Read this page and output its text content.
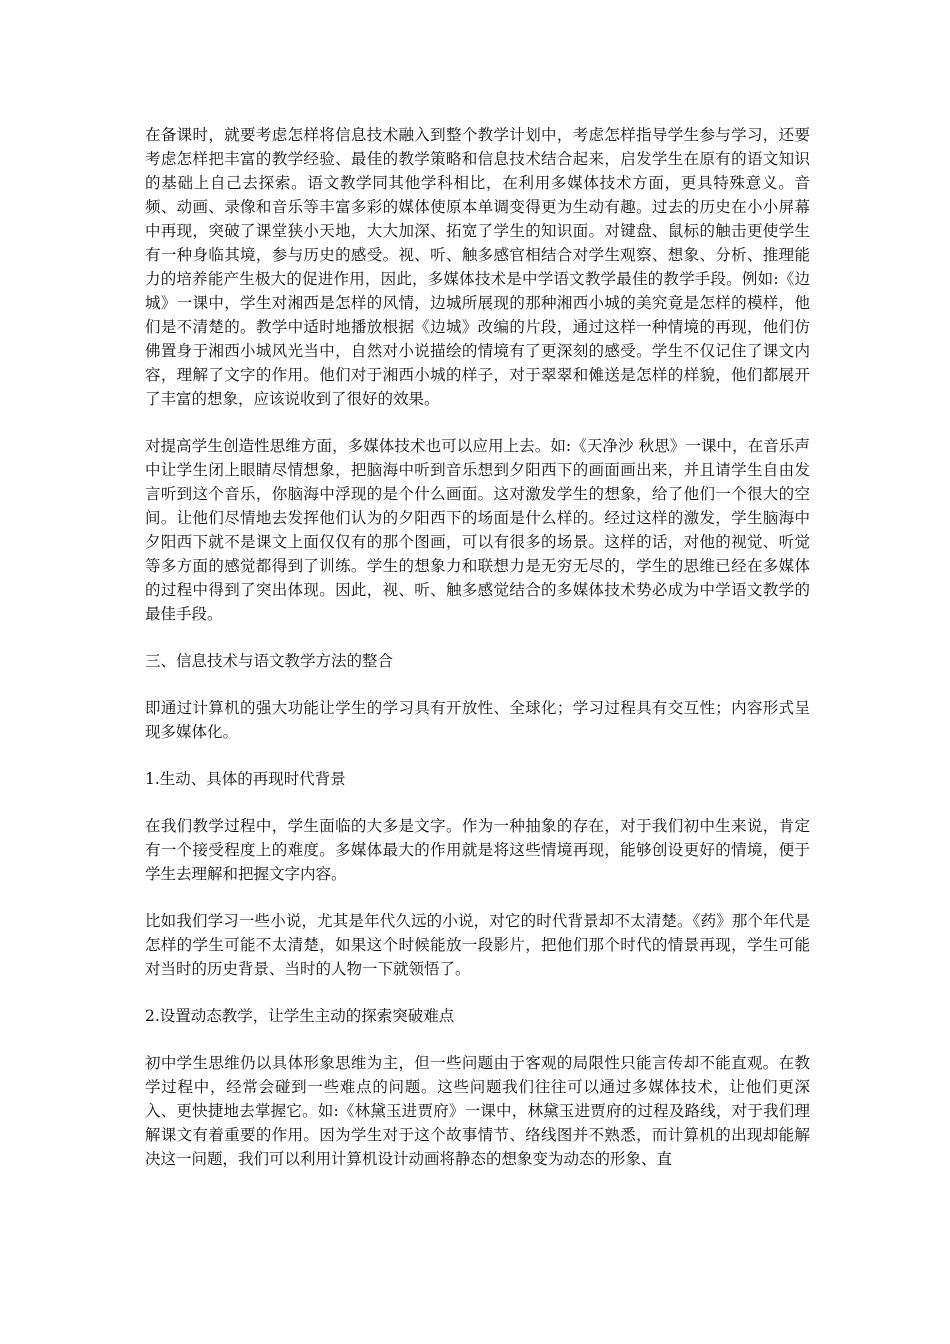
在备课时，就要考虑怎样将信息技术融入到整个教学计划中，考虑怎样指导学生参与学习，还要考虑怎样把丰富的教学经验、最佳的教学策略和信息技术结合起来，启发学生在原有的语文知识的基础上自己去探索。语文教学同其他学科相比，在利用多媒体技术方面，更具特殊意义。音频、动画、录像和音乐等丰富多彩的媒体使原本单调变得更为生动有趣。过去的历史在小小屏幕中再现，突破了课堂狭小天地，大大加深、拓宽了学生的知识面。对键盘、鼠标的触击更使学生有一种身临其境，参与历史的感受。视、听、触多感官相结合对学生观察、想象、分析、推理能力的培养能产生极大的促进作用，因此，多媒体技术是中学语文教学最佳的教学手段。例如:《边城》一课中，学生对湘西是怎样的风情，边城所展现的那种湘西小城的美究竟是怎样的模样，他们是不清楚的。教学中适时地播放根据《边城》改编的片段，通过这样一种情境的再现，他们仿佛置身于湘西小城风光当中，自然对小说描绘的情境有了更深刻的感受。学生不仅记住了课文内容，理解了文字的作用。他们对于湘西小城的样子，对于翠翠和傩送是怎样的样貌，他们都展开了丰富的想象，应该说收到了很好的效果。

对提高学生创造性思维方面，多媒体技术也可以应用上去。如:《天净沙 秋思》一课中，在音乐声中让学生闭上眼睛尽情想象，把脑海中听到音乐想到夕阳西下的画面画出来，并且请学生自由发言听到这个音乐，你脑海中浮现的是个什么画面。这对激发学生的想象，给了他们一个很大的空间。让他们尽情地去发挥他们认为的夕阳西下的场面是什么样的。经过这样的激发，学生脑海中夕阳西下就不是课文上面仅仅有的那个图画，可以有很多的场景。这样的话，对他的视觉、听觉等多方面的感觉都得到了训练。学生的想象力和联想力是无穷无尽的，学生的思维已经在多媒体的过程中得到了突出体现。因此，视、听、触多感觉结合的多媒体技术势必成为中学语文教学的最佳手段。

三、信息技术与语文教学方法的整合

即通过计算机的强大功能让学生的学习具有开放性、全球化；学习过程具有交互性；内容形式呈现多媒体化。

1.生动、具体的再现时代背景

在我们教学过程中，学生面临的大多是文字。作为一种抽象的存在，对于我们初中生来说，肯定有一个接受程度上的难度。多媒体最大的作用就是将这些情境再现，能够创设更好的情境，便于学生去理解和把握文字内容。

比如我们学习一些小说，尤其是年代久远的小说，对它的时代背景却不太清楚。《药》那个年代是怎样的学生可能不太清楚，如果这个时候能放一段影片，把他们那个时代的情景再现，学生可能对当时的历史背景、当时的人物一下就领悟了。

2.设置动态教学，让学生主动的探索突破难点

初中学生思维仍以具体形象思维为主，但一些问题由于客观的局限性只能言传却不能直观。在教学过程中，经常会碰到一些难点的问题。这些问题我们往往可以通过多媒体技术，让他们更深入、更快捷地去掌握它。如:《林黛玉进贾府》一课中，林黛玉进贾府的过程及路线，对于我们理解课文有着重要的作用。因为学生对于这个故事情节、络线图并不熟悉，而计算机的出现却能解决这一问题，我们可以利用计算机设计动画将静态的想象变为动态的形象、直
